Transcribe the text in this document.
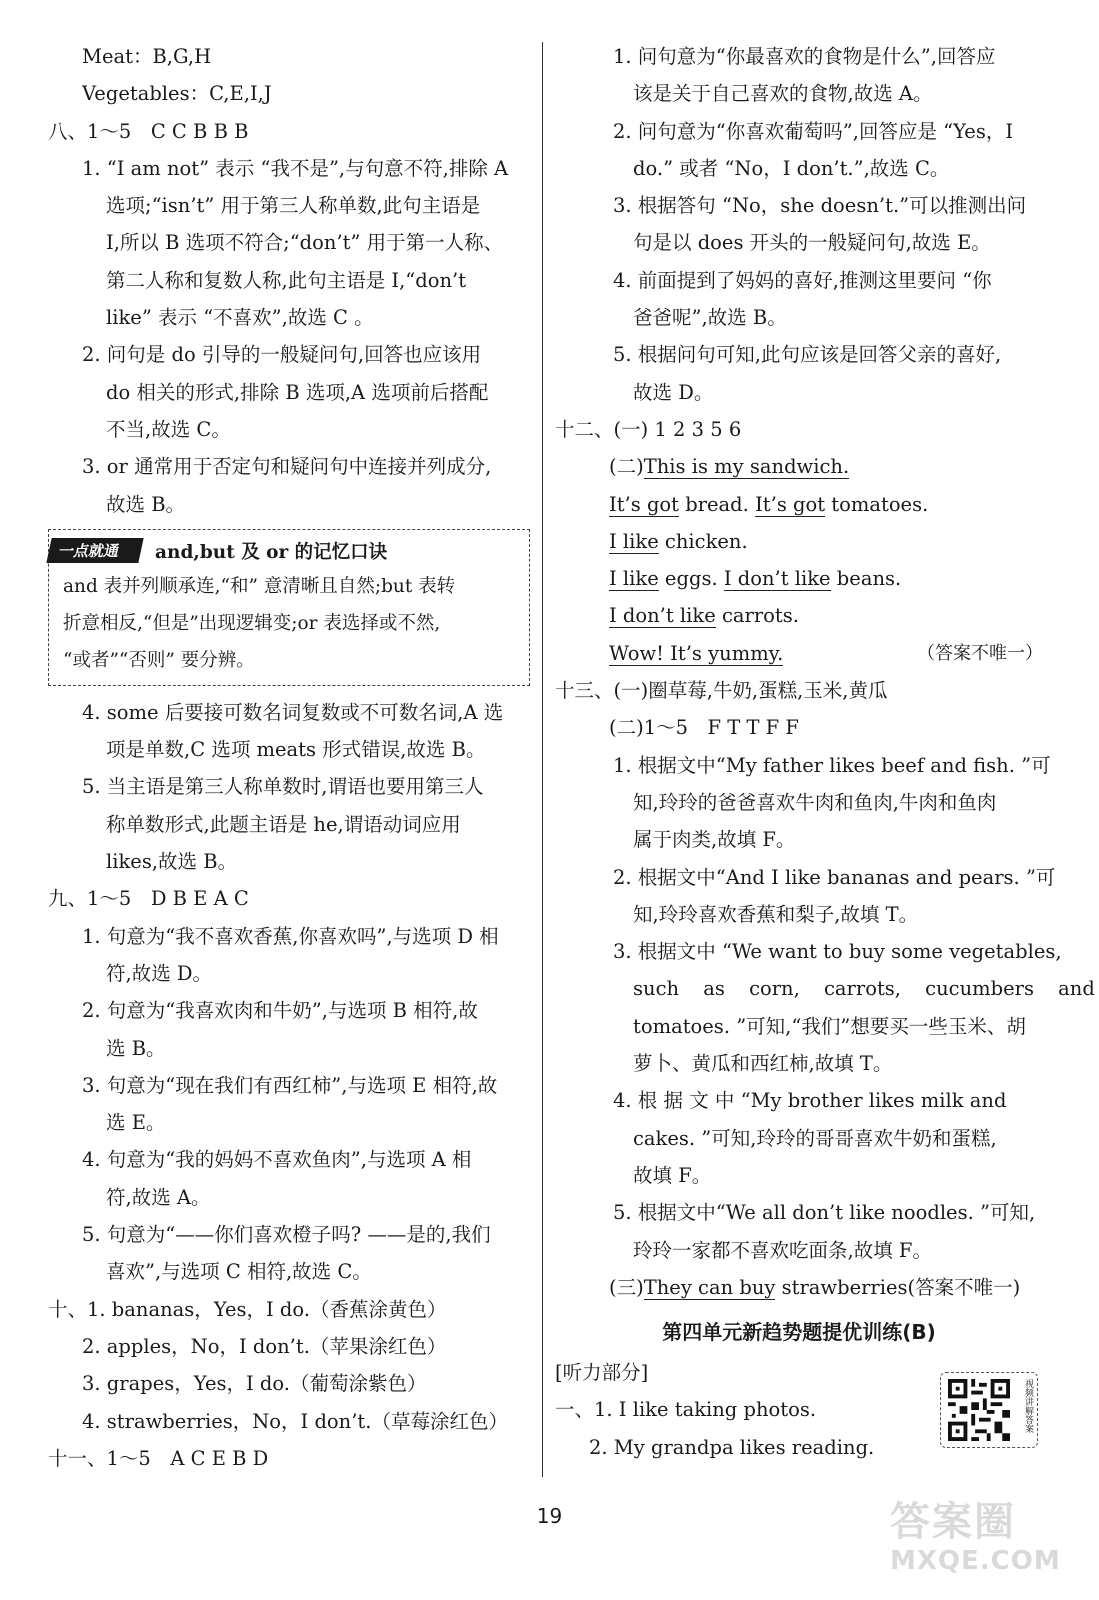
Meat：B,G,H
Vegetables：C,E,I,J
八、1～5　C C B B B
1. “I am not” 表示 “我不是”,与句意不符,排除 A
选项;“isn’t” 用于第三人称单数,此句主语是
I,所以 B 选项不符合;“don’t” 用于第一人称、
第二人称和复数人称,此句主语是 I,“don’t
like” 表示 “不喜欢”,故选 C 。
2. 问句是 do 引导的一般疑问句,回答也应该用
do 相关的形式,排除 B 选项,A 选项前后搭配
不当,故选 C。
3. or 通常用于否定句和疑问句中连接并列成分,
故选 B。
一点就通	and,but 及 or 的记忆口诀
and 表并列顺承连,“和” 意清晰且自然;but 表转
折意相反,“但是”出现逻辑变;or 表选择或不然,
“或者”“否则” 要分辨。
4. some 后要接可数名词复数或不可数名词,A 选
项是单数,C 选项 meats 形式错误,故选 B。
5. 当主语是第三人称单数时,谓语也要用第三人
称单数形式,此题主语是 he,谓语动词应用
likes,故选 B。
九、1～5　D B E A C
1. 句意为“我不喜欢香蕉,你喜欢吗”,与选项 D 相
符,故选 D。
2. 句意为“我喜欢肉和牛奶”,与选项 B 相符,故
选 B。
3. 句意为“现在我们有西红柿”,与选项 E 相符,故
选 E。
4. 句意为“我的妈妈不喜欢鱼肉”,与选项 A 相
符,故选 A。
5. 句意为“——你们喜欢橙子吗? ——是的,我们
喜欢”,与选项 C 相符,故选 C。
十、1. bananas，Yes，I do.（香蕉涂黄色）
2. apples，No，I don’t.（苹果涂红色）
3. grapes，Yes，I do.（葡萄涂紫色）
4. strawberries，No，I don’t.（草莓涂红色）
十一、1～5　A C E B D
1. 问句意为“你最喜欢的食物是什么”,回答应
该是关于自己喜欢的食物,故选 A。
2. 问句意为“你喜欢葡萄吗”,回答应是 “Yes，I
do.” 或者 “No，I don’t.”,故选 C。
3. 根据答句 “No，she doesn’t.”可以推测出问
句是以 does 开头的一般疑问句,故选 E。
4. 前面提到了妈妈的喜好,推测这里要问 “你
爸爸呢”,故选 B。
5. 根据问句可知,此句应该是回答父亲的喜好,
故选 D。
十二、(一) 1 2 3 5 6
(二)This is my sandwich.
It’s got bread. It’s got tomatoes.
I like chicken.
I like eggs. I don’t like beans.
I don’t like carrots.
Wow! It’s yummy.	（答案不唯一）
十三、(一)圈草莓,牛奶,蛋糕,玉米,黄瓜
(二)1～5　F T T F F
1. 根据文中“My father likes beef and fish. ”可
知,玲玲的爸爸喜欢牛肉和鱼肉,牛肉和鱼肉
属于肉类,故填 F。
2. 根据文中“And I like bananas and pears. ”可
知,玲玲喜欢香蕉和梨子,故填 T。
3. 根据文中 “We want to buy some vegetables,
such as corn, carrots, cucumbers and
tomatoes. ”可知,“我们”想要买一些玉米、胡
萝卜、黄瓜和西红柿,故填 T。
4. 根 据 文 中 “My brother likes milk and
cakes. ”可知,玲玲的哥哥喜欢牛奶和蛋糕,
故填 F。
5. 根据文中“We all don’t like noodles. ”可知,
玲玲一家都不喜欢吃面条,故填 F。
(三)They can buy strawberries(答案不唯一)
第四单元新趋势题提优训练(B)
[听力部分]
一、1. I like taking photos.
2. My grandpa likes reading.
视频讲解答案
19	答案圈
MXQE.COM
